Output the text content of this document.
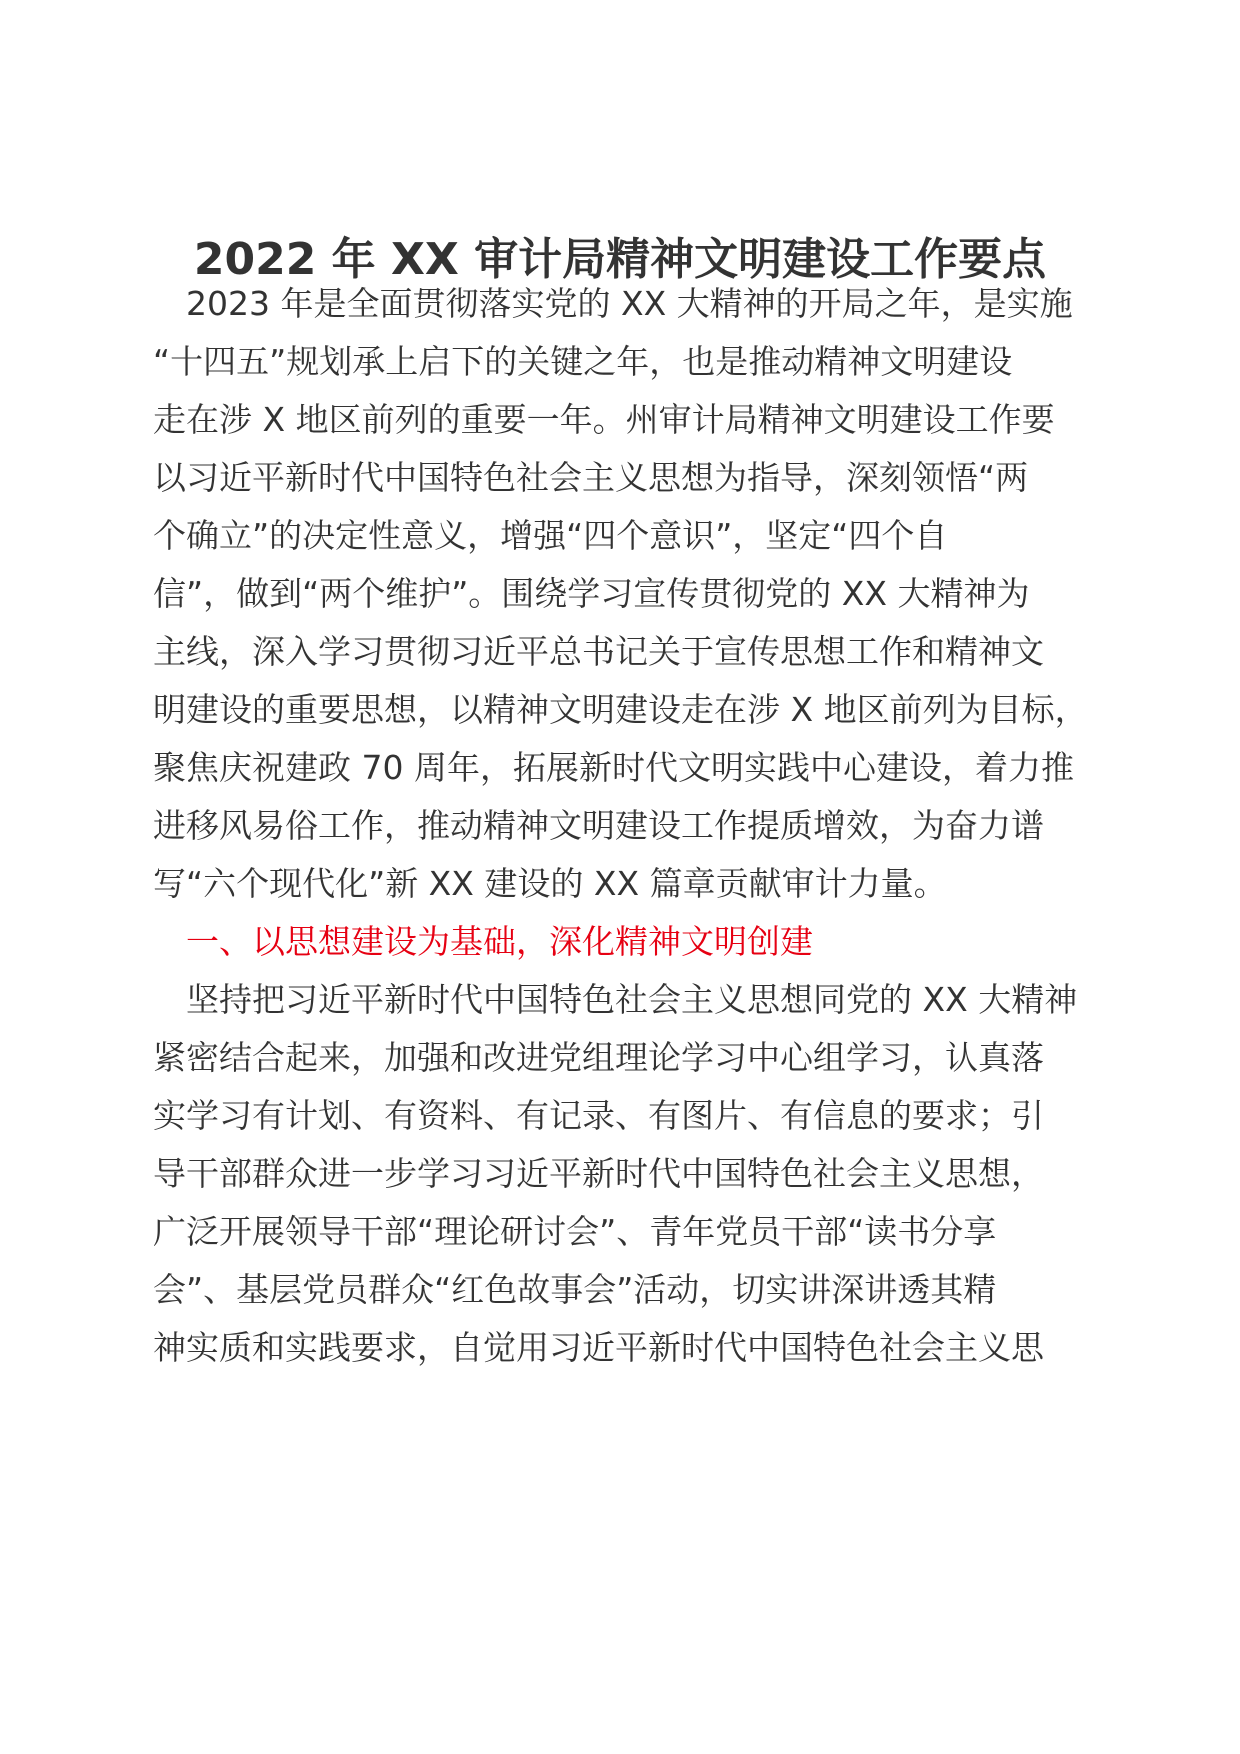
2022 年 XX 审计局精神文明建设工作要点
　2023 年是全面贯彻落实党的 XX 大精神的开局之年，是实施
“十四五”规划承上启下的关键之年，也是推动精神文明建设
走在涉 X 地区前列的重要一年。州审计局精神文明建设工作要
以习近平新时代中国特色社会主义思想为指导，深刻领悟“两
个确立”的决定性意义，增强“四个意识”，坚定“四个自
信”，做到“两个维护”。围绕学习宣传贯彻党的 XX 大精神为
主线，深入学习贯彻习近平总书记关于宣传思想工作和精神文
明建设的重要思想，以精神文明建设走在涉 X 地区前列为目标，
聚焦庆祝建政 70 周年，拓展新时代文明实践中心建设，着力推
进移风易俗工作，推动精神文明建设工作提质增效，为奋力谱
写“六个现代化”新 XX 建设的 XX 篇章贡献审计力量。
　一、以思想建设为基础，深化精神文明创建
　坚持把习近平新时代中国特色社会主义思想同党的 XX 大精神
紧密结合起来，加强和改进党组理论学习中心组学习，认真落
实学习有计划、有资料、有记录、有图片、有信息的要求；引
导干部群众进一步学习习近平新时代中国特色社会主义思想，
广泛开展领导干部“理论研讨会”、青年党员干部“读书分享
会”、基层党员群众“红色故事会”活动，切实讲深讲透其精
神实质和实践要求，自觉用习近平新时代中国特色社会主义思
